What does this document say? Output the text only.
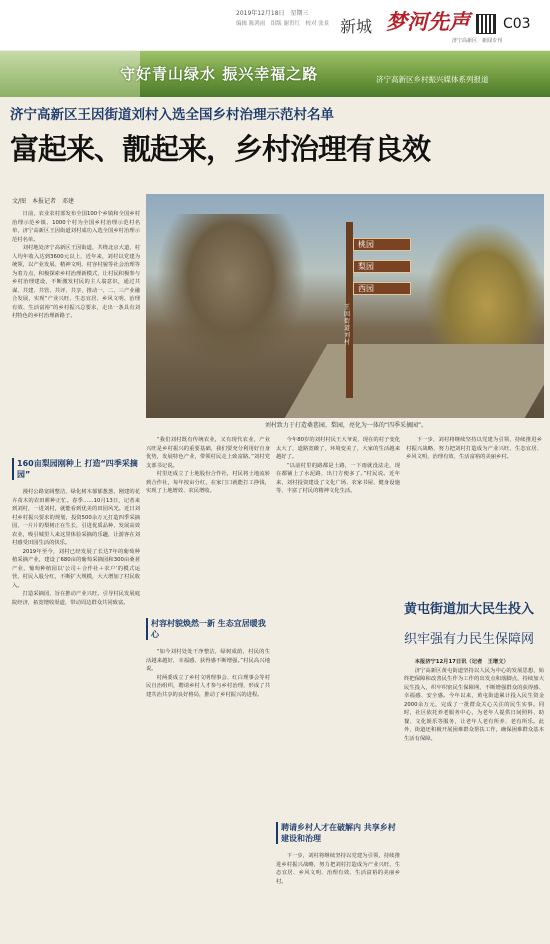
2019年12月18日　星期三
编辑 陈鸿雨　组版 谢贵红　校对 张景 新城 梦河先声
济宁高新区　新闻专刊
C03
守好青山绿水 振兴幸福之路	济宁高新区乡村振兴媒体系列报道
济宁高新区王因街道刘村入选全国乡村治理示范村名单
富起来、靓起来，乡村治理有良效
文/图　本报记者　邓建

日前，农业农村部发布全国100个乡镇和全国乡村治理示范乡镇、1000个村为全国乡村治理示范村名单，济宁高新区王因街道刘村成功入选全国乡村治理示范村名单。

刘村地处济宁高新区王因街道，共绕北京大道，村人均年收入达到3600元以上，近年来，刘村以党建为统领，以产业发展、精神文明、村容村貌等社会治理等为着力点，积极探索乡村治理新模式，让村民积极参与乡村治理建设，不断激发村民的主人翁意识，通过共谋、共建、共管、共评、共享，推动一、二、三产业融合发展，实现“产业兴旺、生态宜居、乡风文明、治理有效、生活富裕”的乡村振兴总要求，走出一条具有刘村特色的乡村治理新路子。

桃园
梨园
西园
王因街道刘村
刘村致力于打造桑葚园、梨园，亮化为一体的“四季采摘园”。
160亩梨园刚种上 打造“四季采摘园”

漫村公路宽阔整洁，绿化树木郁郁葱葱，刚建的花卉苗木的农田耕种正忙。春季……10月13日，记者来到刘村，一进刘村，就能看到优美的田园风光。近日刘村乡村振兴要求的规划，投资500余万元打造四季采摘园，一片片的梨树正在生长，引进优质品种，发展高效农业，吸引城里人来这里体验采摘的乐趣，让游客在刘村感受田园生活的快乐。

2019年至今，刘村已经发展了长达7年的葡萄种植采摘产业，建设了680亩的葡萄采摘园和300亩桑葚产业，葡萄种植园以‘公司＋合作社＋农户’的模式运营，村民入股分红，不断扩大规模，大大增加了村民收入。

打造采摘园，旨在推动产业兴旺，引导村民发展庭院经济，拓宽增收渠道，带动周边群众共同致富。

“我们刘村既有传统农业，又有现代农业，产业兴旺是乡村振兴的重要基础，我们要充分利用好自身优势，发展特色产业，带领村民走上致富路。”刘村党支部书记说。

村里还成立了土地股份合作社，村民将土地流转到合作社，每年按亩分红，在家门口就能打工挣钱，实现了土地增效、农民增收。

村容村貌焕然一新 生态宜居暖我心

“如今刘村处处干净整洁，绿树成荫，村民的生活越来越好，幸福感、获得感不断增强。”村民高兴地说。

村两委成立了乡村文明理事会、红白理事会等村民自治组织，聘请乡村人才参与乡村治理，形成了共建共治共享的良好格局，推动了乡村振兴的进程。

今年80岁的刘村村民王大爷说，现在的村子变化太大了，道路宽敞了，环境变美了，大家的生活越来越好了。

“以前村里的路都是土路，一下雨就没法走，现在都铺上了水泥路，出门方便多了。”村民说。近年来，刘村投资建设了文化广场、农家书屋、健身设施等，丰富了村民的精神文化生活。

聘请乡村人才在破解内 共享乡村建设和治理

下一步，刘村将继续坚持以党建为引领，持续推进乡村振兴战略，努力把刘村打造成为产业兴旺、生态宜居、乡风文明、治理有效、生活富裕的美丽乡村。

下一步，刘村将继续坚持以党建为引领，持续推进乡村振兴战略，努力把刘村打造成为产业兴旺、生态宜居、乡风文明、治理有效、生活富裕的美丽乡村。

黄屯街道加大民生投入
织牢强有力民生保障网

本报济宁12月17日讯（记者　王增文）

济宁高新区黄屯街道坚持以人民为中心的发展思想，始终把保障和改善民生作为工作的出发点和落脚点，持续加大民生投入，织牢织密民生保障网，不断增强群众的获得感、幸福感、安全感。今年以来，黄屯街道累计投入民生资金2000余万元，完成了一批群众关心关注的民生实事。同时，社区依托养老服务中心，为老年人提供日间照料、助餐、文化娱乐等服务，让老年人老有所养、老有所乐。此外，街道还积极开展困难群众帮扶工作，确保困难群众基本生活有保障。
